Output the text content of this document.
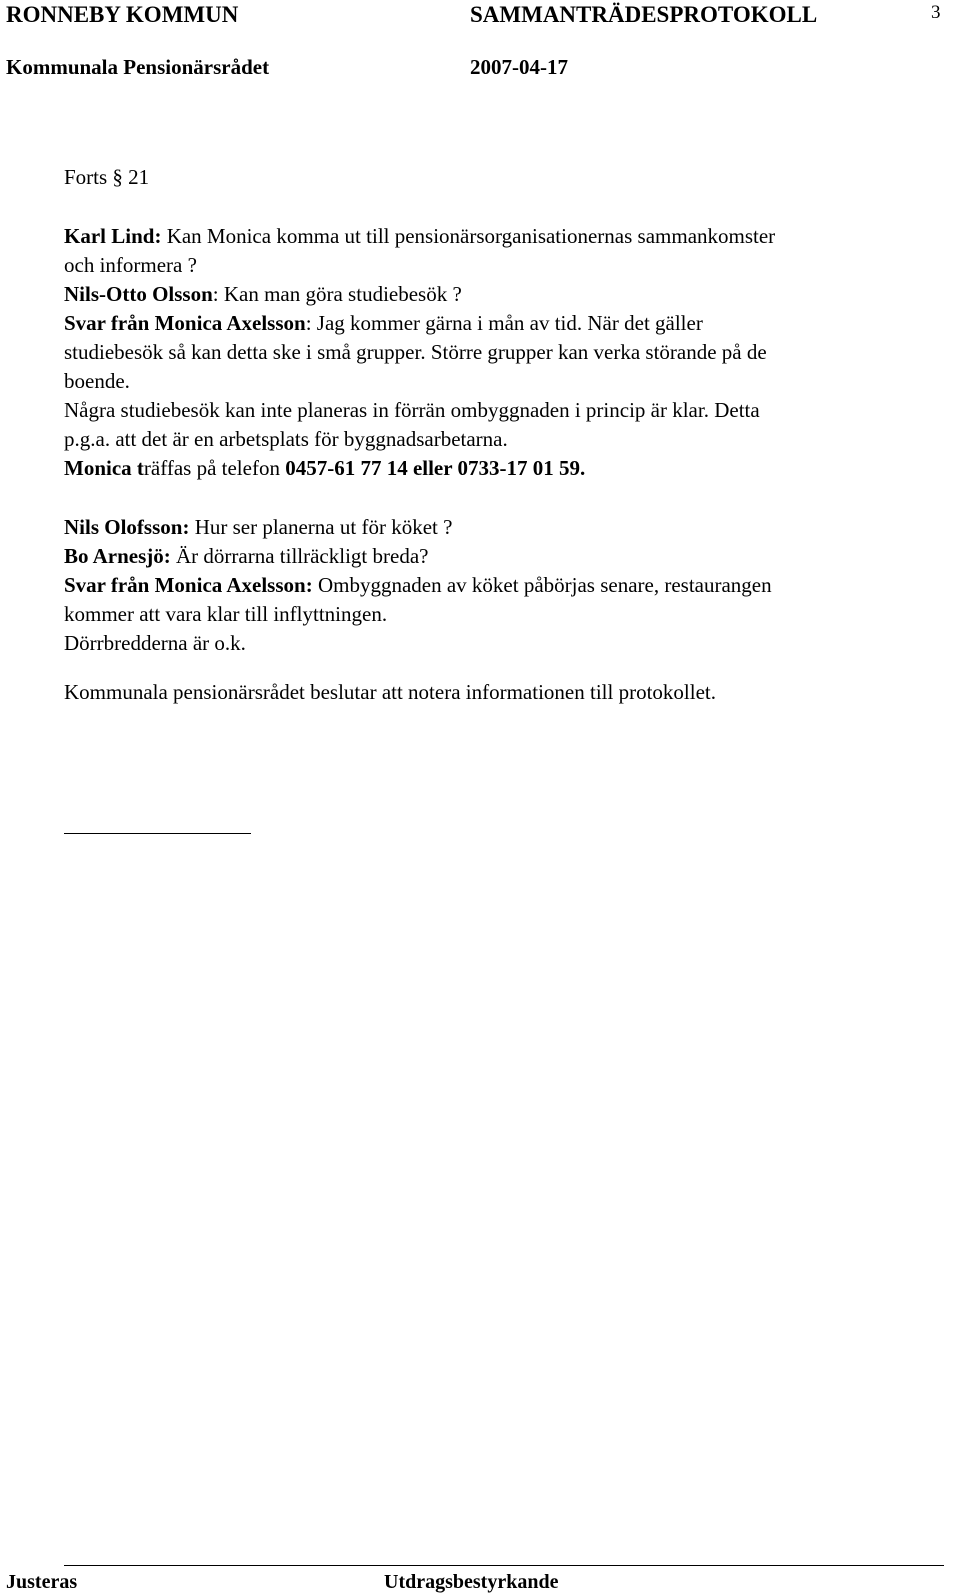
RONNEBY KOMMUN	SAMMANTRÄDESPROTOKOLL	3
Kommunala Pensionärsrådet	2007-04-17
Forts § 21
Karl Lind: Kan Monica komma ut till pensionärsorganisationernas sammankomster
och informera ?
Nils-Otto Olsson: Kan man göra studiebesök ?
Svar från Monica Axelsson: Jag kommer gärna i mån av tid. När det gäller
studiebesök så kan detta ske i små grupper. Större grupper kan verka störande på de
boende.
Några studiebesök kan inte planeras in förrän ombyggnaden i princip är klar. Detta
p.g.a. att det är en arbetsplats för byggnadsarbetarna.
Monica träffas på telefon 0457-61 77 14 eller 0733-17 01 59.
Nils Olofsson: Hur ser planerna ut för köket ?
Bo Arnesjö: Är dörrarna tillräckligt breda?
Svar från Monica Axelsson: Ombyggnaden av köket påbörjas senare, restaurangen
kommer att vara klar till inflyttningen.
Dörrbredderna är o.k.
Kommunala pensionärsrådet beslutar att notera informationen till protokollet.
Justeras	Utdragsbestyrkande
